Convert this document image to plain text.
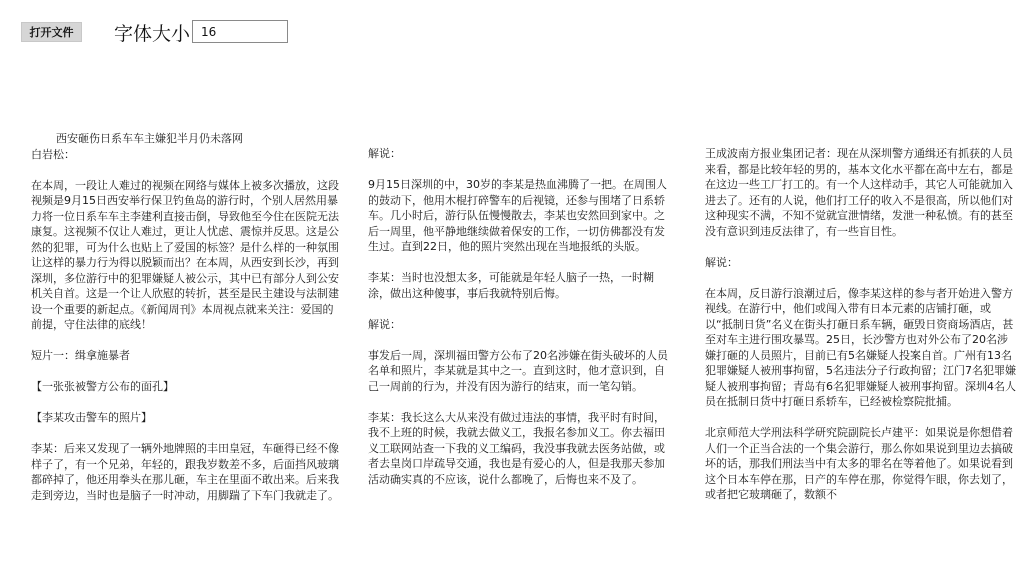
打开文件	字体大小
16

西安砸伤日系车车主嫌犯半月仍未落网

白岩松：

在本周，一段让人难过的视频在网络与媒体上被多次播放，这段视频是9月15日西安举行保卫钓鱼岛的游行时，个别人居然用暴力将一位日系车车主李建利直接击倒，导致他至今住在医院无法康复。这视频不仅让人难过，更让人忧虑、震惊并反思。这是公然的犯罪，可为什么也贴上了爱国的标签？是什么样的一种氛围让这样的暴力行为得以脱颖而出？在本周，从西安到长沙，再到深圳，多位游行中的犯罪嫌疑人被公示，其中已有部分人到公安机关自首。这是一个让人欣慰的转折，甚至是民主建设与法制建设一个重要的新起点。《新闻周刊》本周视点就来关注：爱国的前提，守住法律的底线！

短片一：缉拿施暴者

【一张张被警方公布的面孔】

【李某攻击警车的照片】

李某：后来又发现了一辆外地牌照的丰田皇冠，车砸得已经不像样子了，有一个兄弟，年轻的，跟我岁数差不多，后面挡风玻璃都碎掉了，他还用拳头在那儿砸，车主在里面不敢出来。后来我走到旁边，当时也是脑子一时冲动，用脚踹了下车门我就走了。

解说：

9月15日深圳的中，30岁的李某是热血沸腾了一把。在周围人的鼓动下，他用木棍打碎警车的后视镜，还参与围堵了日系轿车。几小时后，游行队伍慢慢散去，李某也安然回到家中。之后一周里，他平静地继续做着保安的工作，一切仿佛都没有发生过。直到22日，他的照片突然出现在当地报纸的头版。

李某：当时也没想太多，可能就是年轻人脑子一热，一时糊涂，做出这种傻事，事后我就特别后悔。

解说：

事发后一周，深圳福田警方公布了20名涉嫌在街头破坏的人员名单和照片，李某就是其中之一。直到这时，他才意识到，自己一周前的行为，并没有因为游行的结束，而一笔勾销。

李某：我长这么大从来没有做过违法的事情，我平时有时间，我不上班的时候，我就去做义工，我报名参加义工。你去福田义工联网站查一下我的义工编码，我没事我就去医务站做，或者去皇岗口岸疏导交通，我也是有爱心的人，但是我那天参加活动确实真的不应该，说什么都晚了，后悔也来不及了。

王成波南方报业集团记者：现在从深圳警方通缉还有抓获的人员来看，都是比较年轻的男的，基本文化水平都在高中左右，都是在这边一些工厂打工的。有一个人这样动手，其它人可能就加入进去了。还有的人说，他们打工仔的收入不是很高，所以他们对这种现实不满，不知不觉就宣泄情绪，发泄一种私愤。有的甚至没有意识到违反法律了，有一些盲目性。

解说：

在本周，反日游行浪潮过后，像李某这样的参与者开始进入警方视线。在游行中，他们或闯入带有日本元素的店铺打砸，或以“抵制日货”名义在街头打砸日系车辆，砸毁日资商场酒店，甚至对车主进行围攻暴骂。25日，长沙警方也对外公布了20名涉嫌打砸的人员照片，目前已有5名嫌疑人投案自首。广州有13名犯罪嫌疑人被刑事拘留，5名违法分子行政拘留；江门7名犯罪嫌疑人被刑事拘留；青岛有6名犯罪嫌疑人被刑事拘留。深圳4名人员在抵制日货中打砸日系轿车，已经被检察院批捕。

北京师范大学刑法科学研究院副院长卢建平：如果说是你想借着人们一个正当合法的一个集会游行，那么你如果说到里边去搞破坏的话，那我们刑法当中有太多的罪名在等着他了。如果说看到这个日本车停在那，日产的车停在那，你觉得乍眼，你去划了，或者把它玻璃砸了，数额不
